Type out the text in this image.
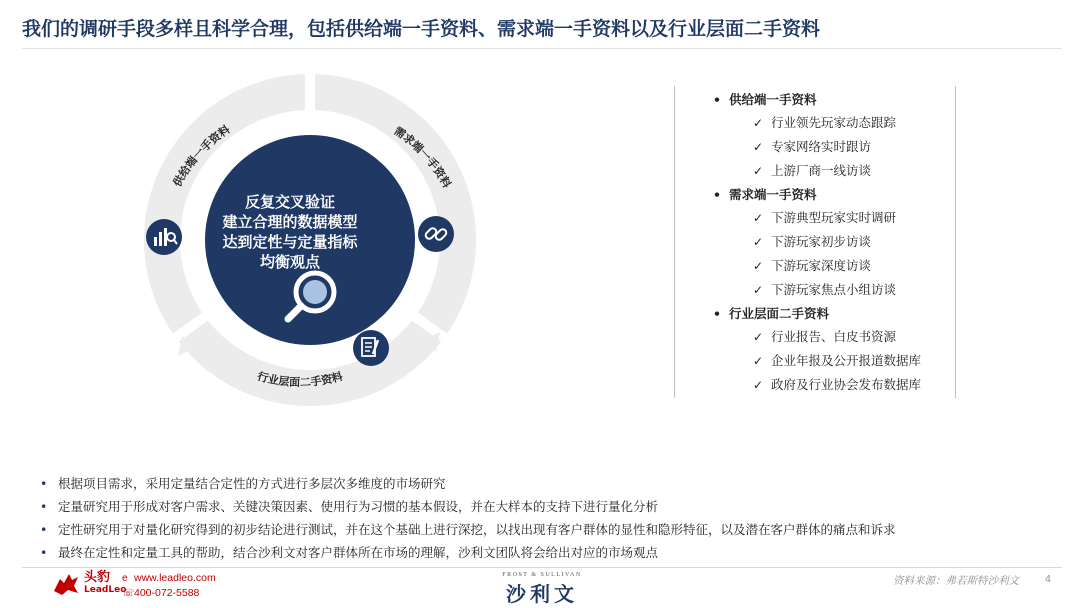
我们的调研手段多样且科学合理，包括供给端一手资料、需求端一手资料以及行业层面二手资料
供给端一手资料	需求端一手资料
行业层面二手资料
反复交叉验证
建立合理的数据模型
达到定性与定量指标
均衡观点
• 供给端一手资料
✓ 行业领先玩家动态跟踪
✓ 专家网络实时跟访
✓ 上游厂商一线访谈
• 需求端一手资料
✓ 下游典型玩家实时调研
✓ 下游玩家初步访谈
✓ 下游玩家深度访谈
✓ 下游玩家焦点小组访谈
• 行业层面二手资料
✓ 行业报告、白皮书资源
✓ 企业年报及公开报道数据库
✓ 政府及行业协会发布数据库
• 根据项目需求，采用定量结合定性的方式进行多层次多维度的市场研究
• 定量研究用于形成对客户需求、关键决策因素、使用行为习惯的基本假设，并在大样本的支持下进行量化分析
• 定性研究用于对量化研究得到的初步结论进行测试，并在这个基础上进行深挖，以找出现有客户群体的显性和隐形特征，以及潜在客户群体的痛点和诉求
• 最终在定性和定量工具的帮助，结合沙利文对客户群体所在市场的理解，沙利文团队将会给出对应的市场观点
头豹
LeadLeo
e www.leadleo.com
☏400-072-5588
FROST & SULLIVAN
沙利文
资料来源：弗若斯特沙利文 4
